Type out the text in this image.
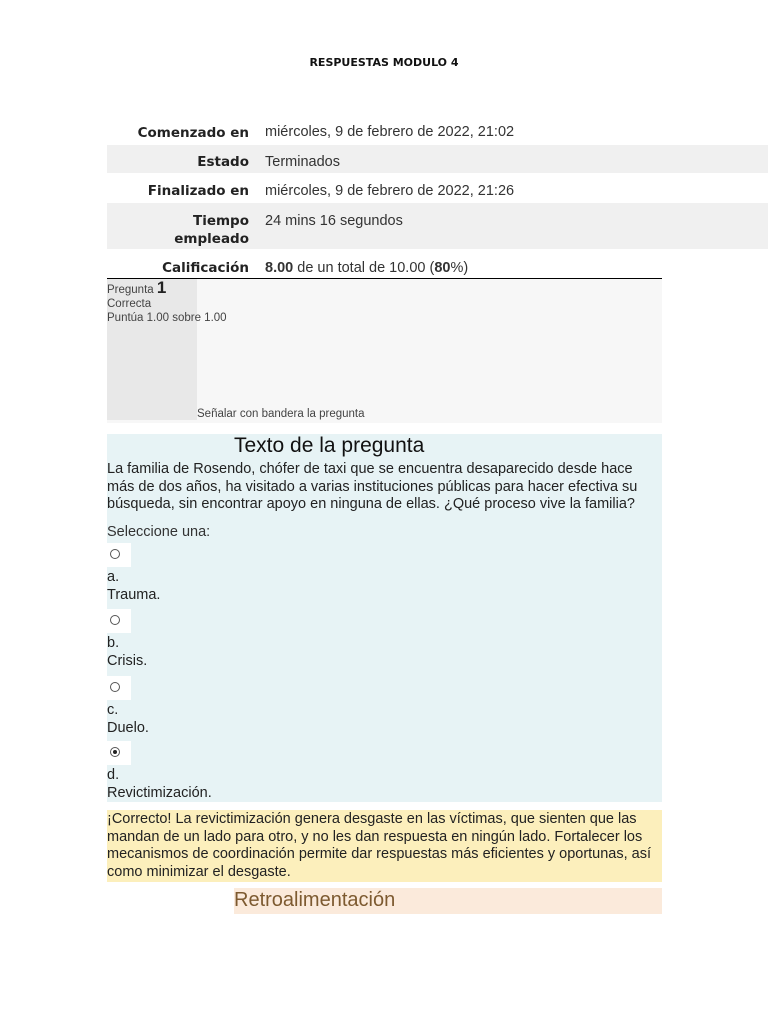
RESPUESTAS MODULO 4
Comenzado en miércoles, 9 de febrero de 2022, 21:02
Estado Terminados
Finalizado en miércoles, 9 de febrero de 2022, 21:26
Tiempo
empleado
24 mins 16 segundos
Calificación 8.00 de un total de 10.00 (80%)
Pregunta 1
Correcta
Puntúa 1.00 sobre 1.00
Señalar con bandera la pregunta
Texto de la pregunta
La familia de Rosendo, chófer de taxi que se encuentra desaparecido desde hace más de dos años, ha visitado a varias instituciones públicas para hacer efectiva su búsqueda, sin encontrar apoyo en ninguna de ellas. ¿Qué proceso vive la familia?
Seleccione una:
a.
Trauma.
b.
Crisis.
c.
Duelo.
d.
Revictimización.
¡Correcto! La revictimización genera desgaste en las víctimas, que sienten que las mandan de un lado para otro, y no les dan respuesta en ningún lado. Fortalecer los mecanismos de coordinación permite dar respuestas más eficientes y oportunas, así como minimizar el desgaste.
Retroalimentación
